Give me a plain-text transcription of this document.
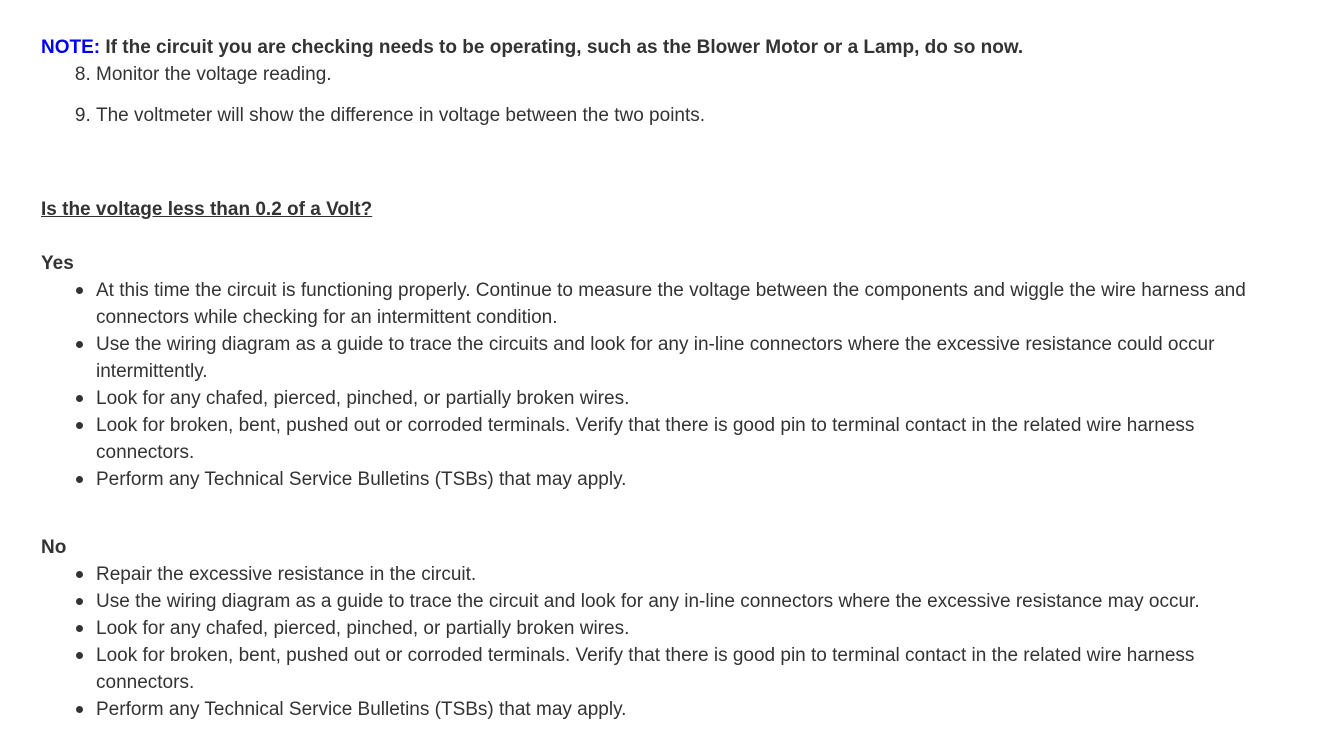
NOTE: If the circuit you are checking needs to be operating, such as the Blower Motor or a Lamp, do so now.

8. Monitor the voltage reading.
9. The voltmeter will show the difference in voltage between the two points.

Is the voltage less than 0.2 of a Volt?

Yes

At this time the circuit is functioning properly. Continue to measure the voltage between the components and wiggle the wire harness and connectors while checking for an intermittent condition.
Use the wiring diagram as a guide to trace the circuits and look for any in-line connectors where the excessive resistance could occur intermittently.
Look for any chafed, pierced, pinched, or partially broken wires.
Look for broken, bent, pushed out or corroded terminals. Verify that there is good pin to terminal contact in the related wire harness connectors.
Perform any Technical Service Bulletins (TSBs) that may apply.

No

Repair the excessive resistance in the circuit.
Use the wiring diagram as a guide to trace the circuit and look for any in-line connectors where the excessive resistance may occur.
Look for any chafed, pierced, pinched, or partially broken wires.
Look for broken, bent, pushed out or corroded terminals. Verify that there is good pin to terminal contact in the related wire harness connectors.
Perform any Technical Service Bulletins (TSBs) that may apply.
